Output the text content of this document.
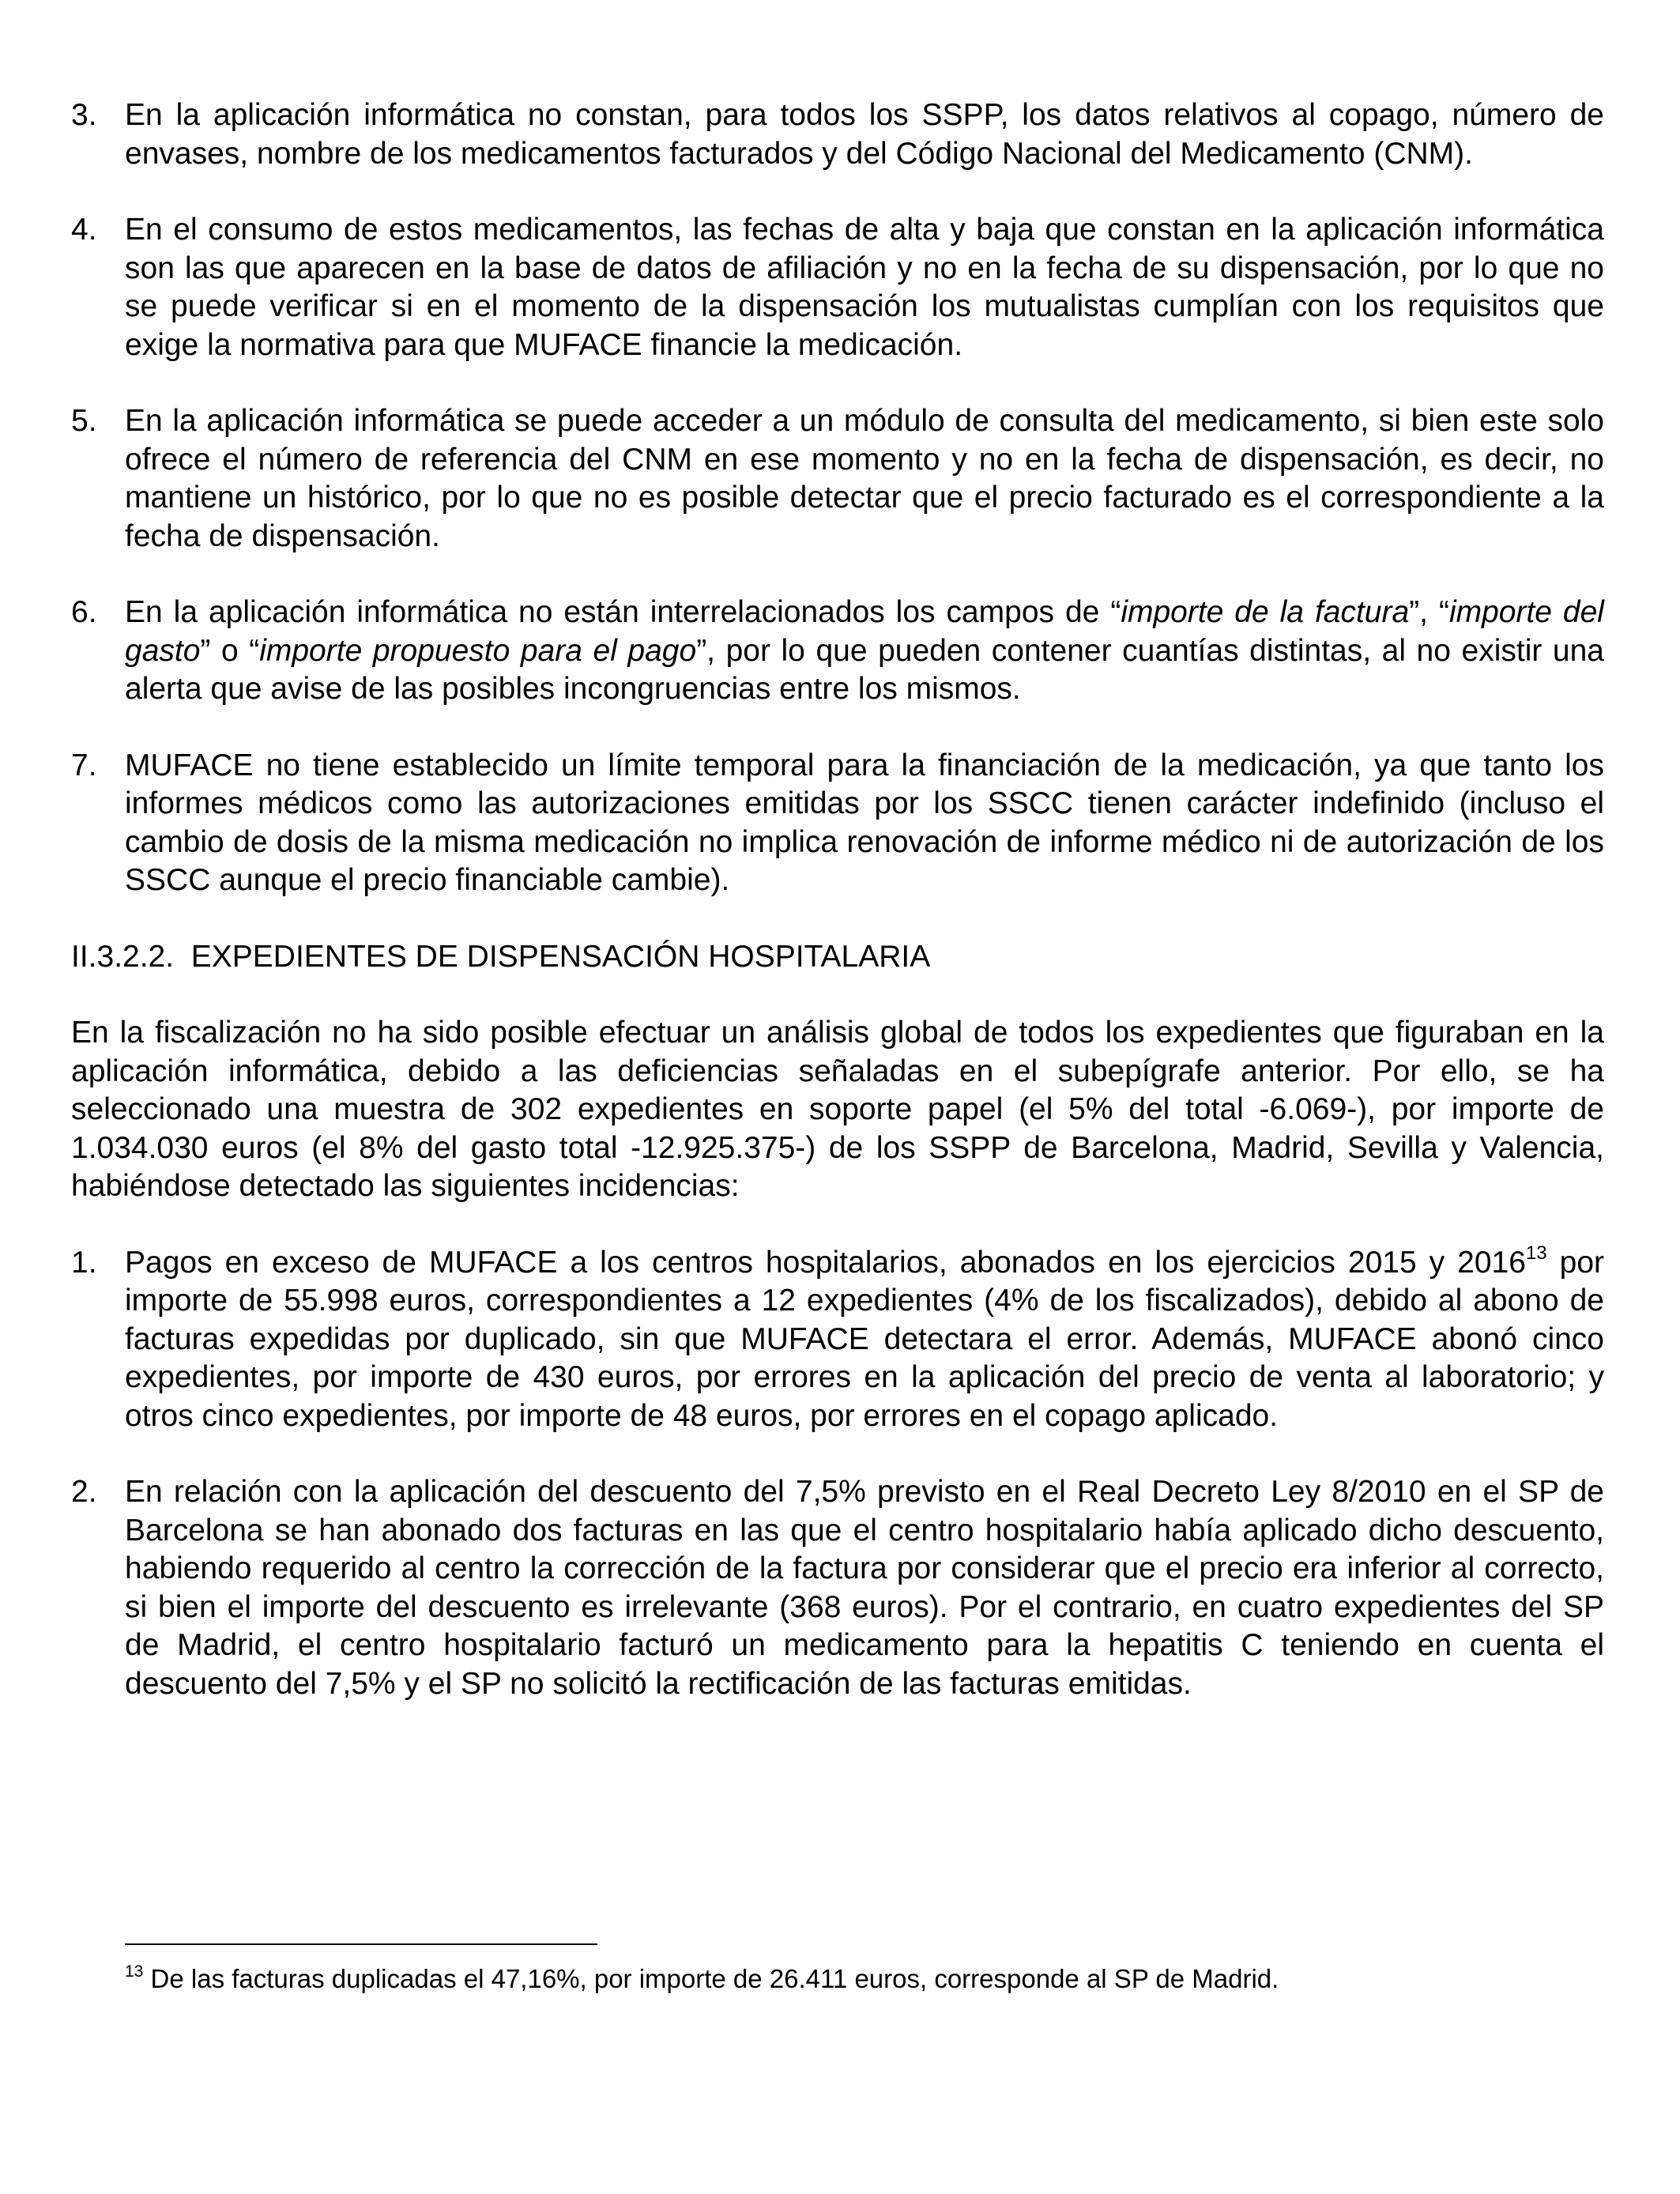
3. En la aplicación informática no constan, para todos los SSPP, los datos relativos al copago, número de envases, nombre de los medicamentos facturados y del Código Nacional del Medicamento (CNM).
4. En el consumo de estos medicamentos, las fechas de alta y baja que constan en la aplicación informática son las que aparecen en la base de datos de afiliación y no en la fecha de su dispensación, por lo que no se puede verificar si en el momento de la dispensación los mutualistas cumplían con los requisitos que exige la normativa para que MUFACE financie la medicación.
5. En la aplicación informática se puede acceder a un módulo de consulta del medicamento, si bien este solo ofrece el número de referencia del CNM en ese momento y no en la fecha de dispensación, es decir, no mantiene un histórico, por lo que no es posible detectar que el precio facturado es el correspondiente a la fecha de dispensación.
6. En la aplicación informática no están interrelacionados los campos de “importe de la factura”, “importe del gasto” o “importe propuesto para el pago”, por lo que pueden contener cuantías distintas, al no existir una alerta que avise de las posibles incongruencias entre los mismos.
7. MUFACE no tiene establecido un límite temporal para la financiación de la medicación, ya que tanto los informes médicos como las autorizaciones emitidas por los SSCC tienen carácter indefinido (incluso el cambio de dosis de la misma medicación no implica renovación de informe médico ni de autorización de los SSCC aunque el precio financiable cambie).
II.3.2.2.  EXPEDIENTES DE DISPENSACIÓN HOSPITALARIA
En la fiscalización no ha sido posible efectuar un análisis global de todos los expedientes que figuraban en la aplicación informática, debido a las deficiencias señaladas en el subepígrafe anterior. Por ello, se ha seleccionado una muestra de 302 expedientes en soporte papel (el 5% del total -6.069-), por importe de 1.034.030 euros (el 8% del gasto total -12.925.375-) de los SSPP de Barcelona, Madrid, Sevilla y Valencia, habiéndose detectado las siguientes incidencias:
1. Pagos en exceso de MUFACE a los centros hospitalarios, abonados en los ejercicios 2015 y 2016$^{13}$ por importe de 55.998 euros, correspondientes a 12 expedientes (4% de los fiscalizados), debido al abono de facturas expedidas por duplicado, sin que MUFACE detectara el error. Además, MUFACE abonó cinco expedientes, por importe de 430 euros, por errores en la aplicación del precio de venta al laboratorio; y otros cinco expedientes, por importe de 48 euros, por errores en el copago aplicado.
2. En relación con la aplicación del descuento del 7,5% previsto en el Real Decreto Ley 8/2010 en el SP de Barcelona se han abonado dos facturas en las que el centro hospitalario había aplicado dicho descuento, habiendo requerido al centro la corrección de la factura por considerar que el precio era inferior al correcto, si bien el importe del descuento es irrelevante (368 euros). Por el contrario, en cuatro expedientes del SP de Madrid, el centro hospitalario facturó un medicamento para la hepatitis C teniendo en cuenta el descuento del 7,5% y el SP no solicitó la rectificación de las facturas emitidas.
$^{13}$ De las facturas duplicadas el 47,16%, por importe de 26.411 euros, corresponde al SP de Madrid.
